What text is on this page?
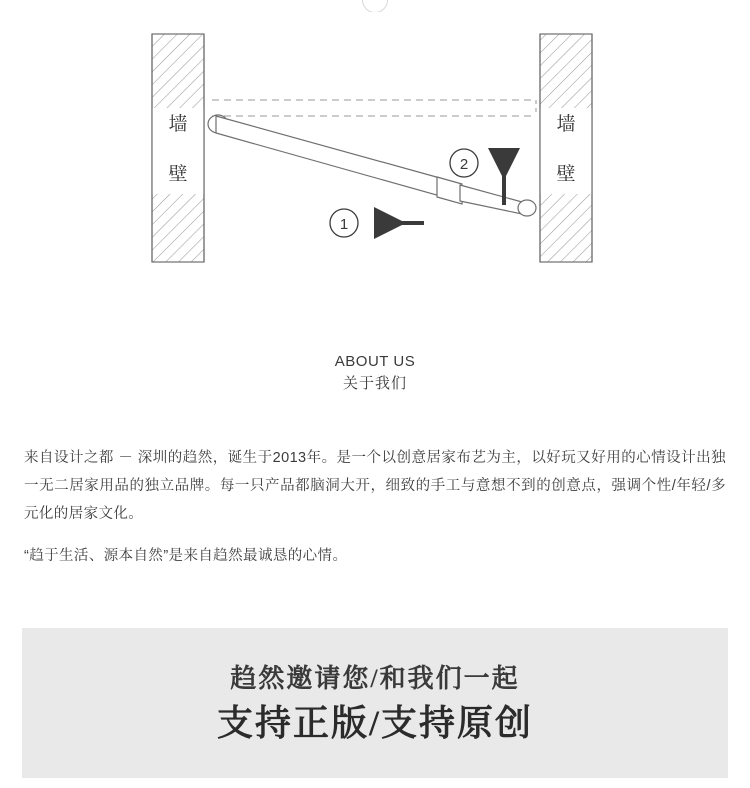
墙
壁
墙
壁
1
2
ABOUT US
关于我们

来自设计之都 － 深圳的趋然，诞生于2013年。是一个以创意居家布艺为主，以好玩又好用的心情设计出独一无二居家用品的独立品牌。每一只产品都脑洞大开，细致的手工与意想不到的创意点，强调个性/年轻/多元化的居家文化。

“趋于生活、源本自然”是来自趋然最诚恳的心情。

趋然邀请您/和我们一起
支持正版/支持原创
